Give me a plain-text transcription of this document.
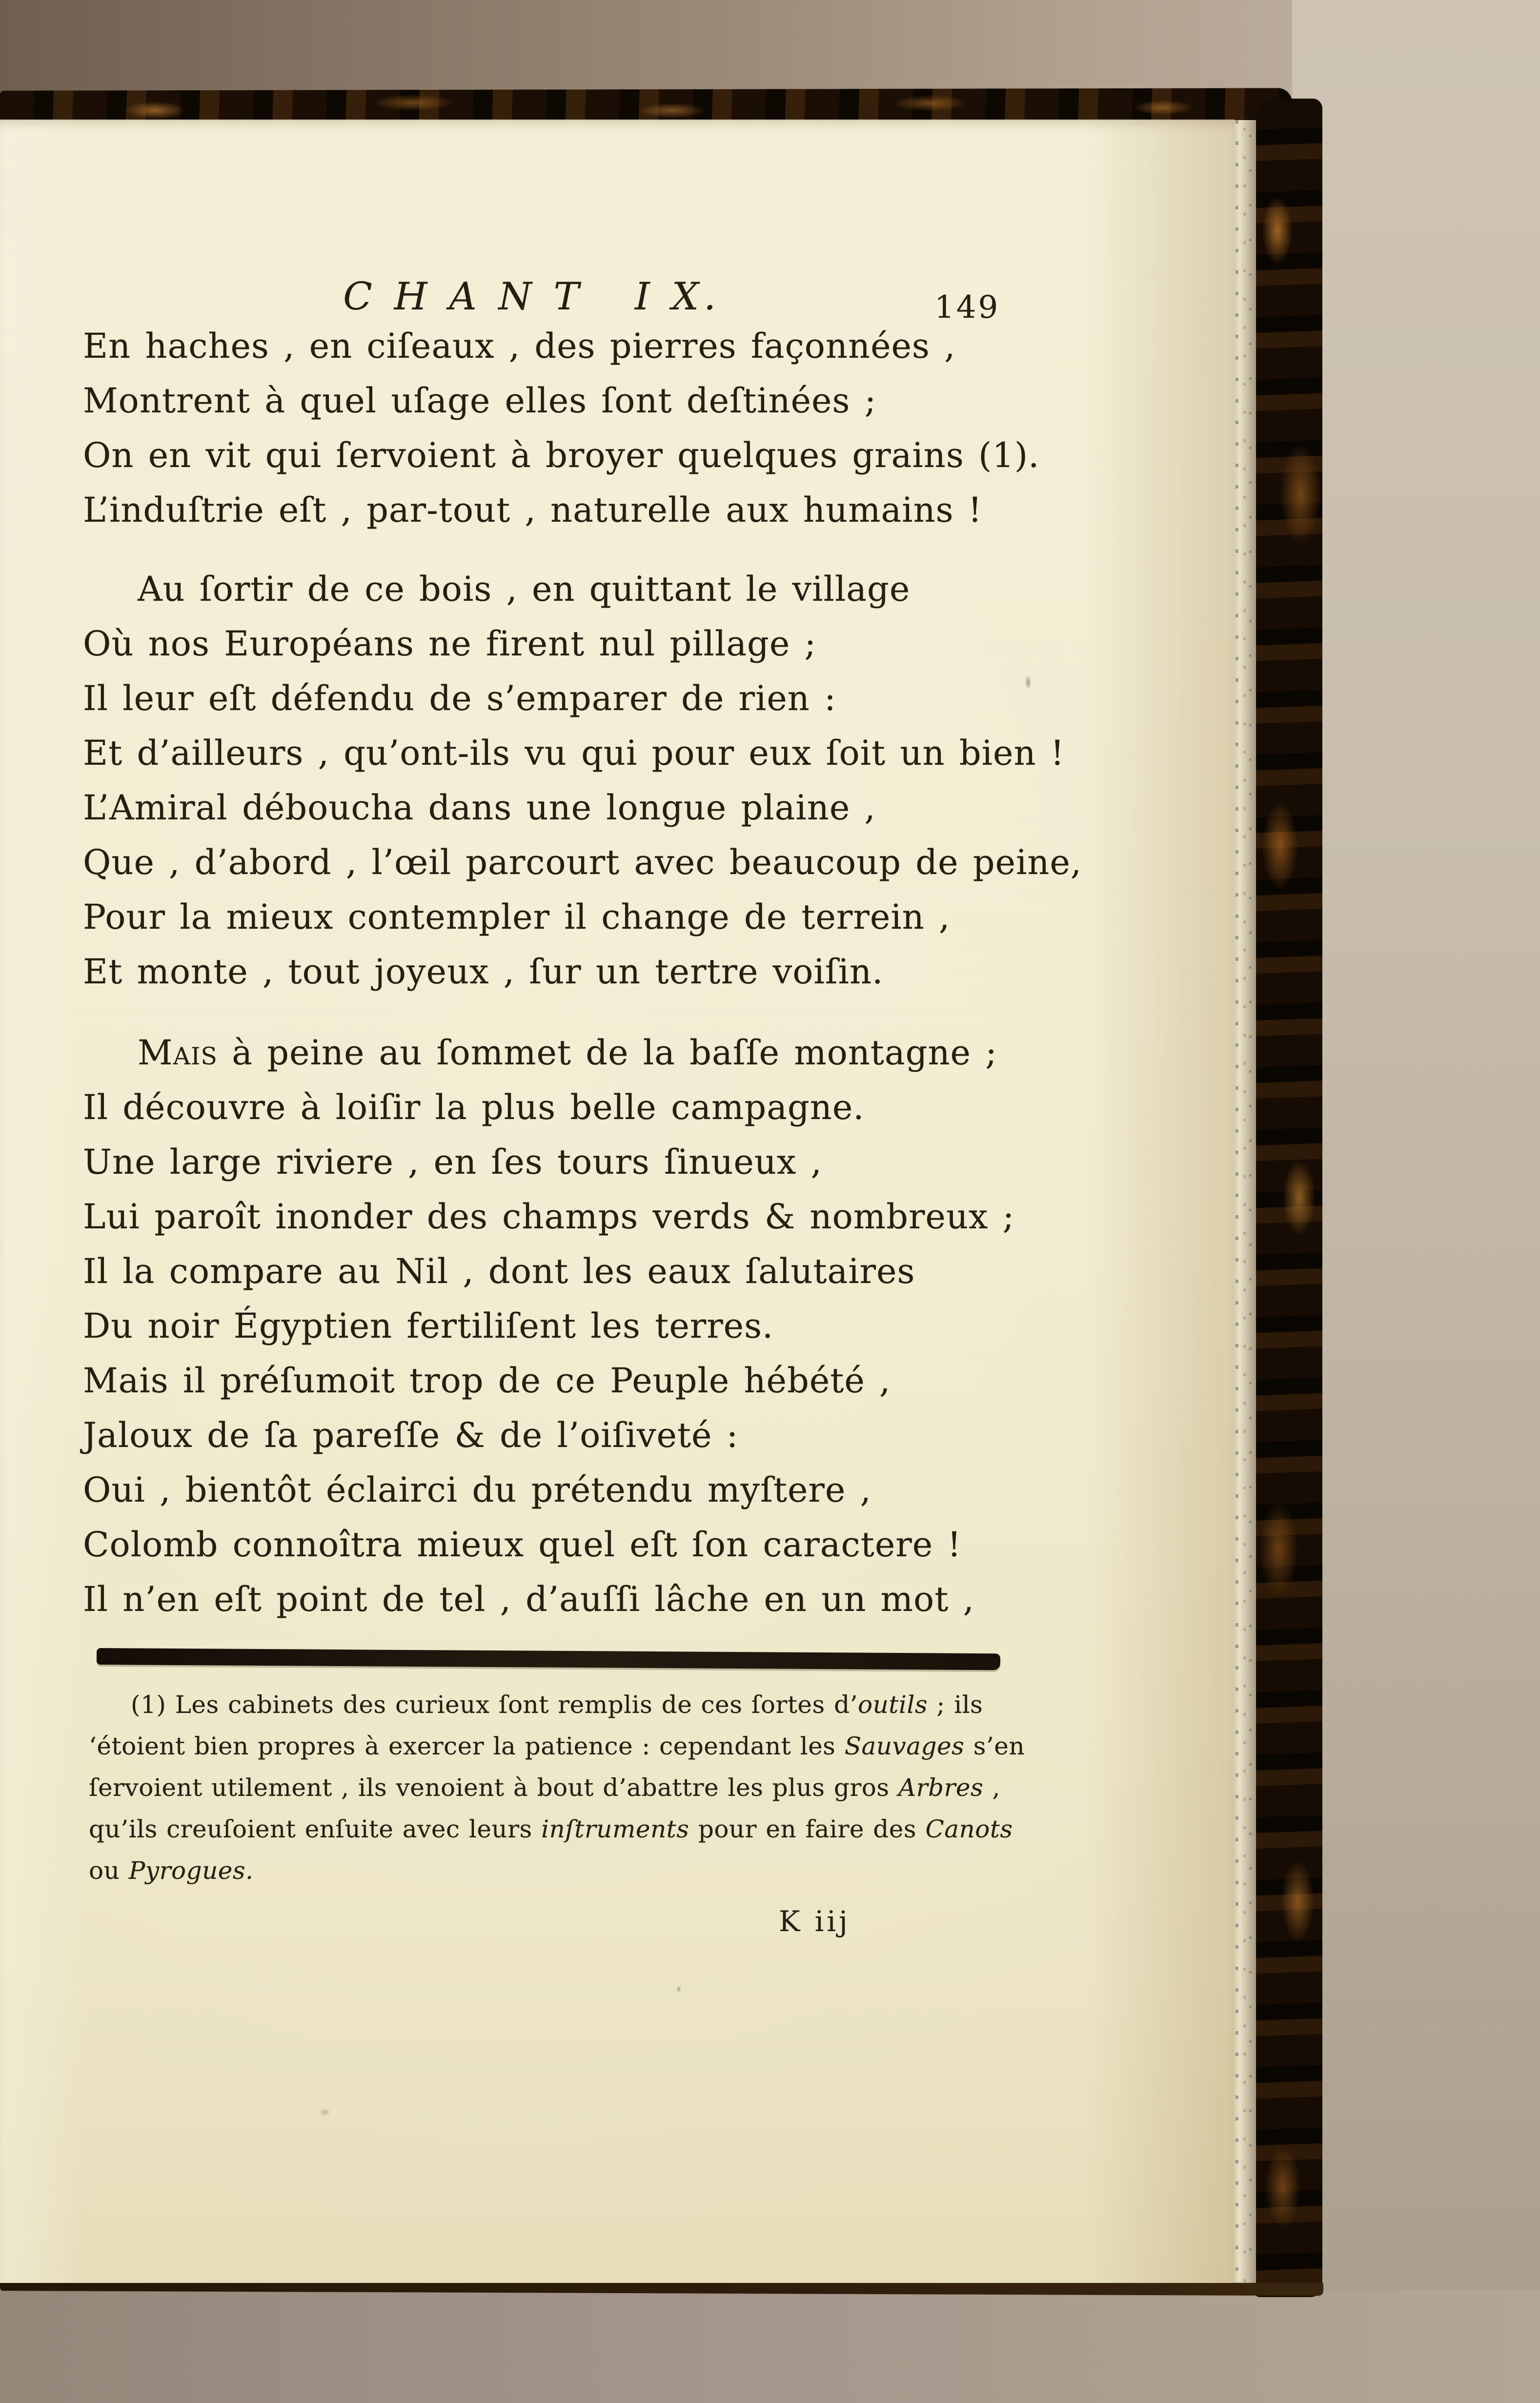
C H A N T   I X.	149
En haches , en ciſeaux , des pierres façonnées ,
Montrent à quel uſage elles ſont deſtinées ;
On en vit qui ſervoient à broyer quelques grains (1).
L’induſtrie eſt , par-tout , naturelle aux humains !
Au ſortir de ce bois , en quittant le village
Où nos Européans ne firent nul pillage ;
Il leur eſt défendu de s’emparer de rien :
Et d’ailleurs , qu’ont-ils vu qui pour eux ſoit un bien !
L’Amiral déboucha dans une longue plaine ,
Que , d’abord , l’œil parcourt avec beaucoup de peine,
Pour la mieux contempler il change de terrein ,
Et monte , tout joyeux , ſur un tertre voiſin.
Mais à peine au ſommet de la baſſe montagne ;
Il découvre à loiſir la plus belle campagne.
Une large riviere , en ſes tours ſinueux ,
Lui paroît inonder des champs verds & nombreux ;
Il la compare au Nil , dont les eaux ſalutaires
Du noir Égyptien fertiliſent les terres.
Mais il préſumoit trop de ce Peuple hébété ,
Jaloux de ſa pareſſe & de l’oiſiveté :
Oui , bientôt éclairci du prétendu myſtere ,
Colomb connoîtra mieux quel eſt ſon caractere !
Il n’en eſt point de tel , d’auſſi lâche en un mot ,
(1) Les cabinets des curieux ſont remplis de ces ſortes d’outils ; ils
‘étoient bien propres à exercer la patience : cependant les Sauvages s’en
ſervoient utilement , ils venoient à bout d’abattre les plus gros Arbres ,
qu’ils creuſoient enſuite avec leurs inſtruments pour en faire des Canots
ou Pyrogues.
K iij
